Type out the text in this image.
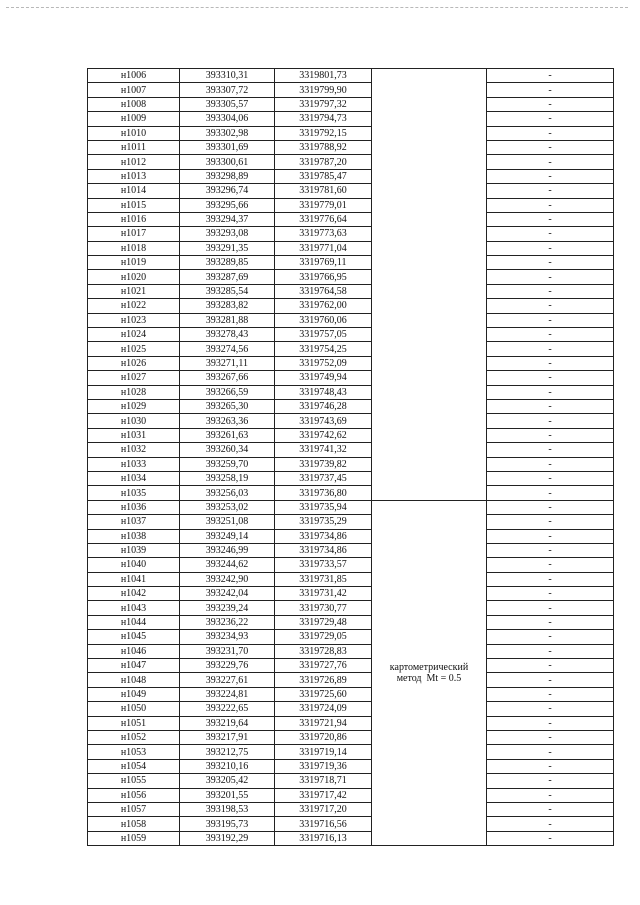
н1006	393310,31	3319801,73		-
н1007	393307,72	3319799,90		-
н1008	393305,57	3319797,32		-
н1009	393304,06	3319794,73		-
н1010	393302,98	3319792,15		-
н1011	393301,69	3319788,92		-
н1012	393300,61	3319787,20		-
н1013	393298,89	3319785,47		-
н1014	393296,74	3319781,60		-
н1015	393295,66	3319779,01		-
н1016	393294,37	3319776,64		-
н1017	393293,08	3319773,63		-
н1018	393291,35	3319771,04		-
н1019	393289,85	3319769,11		-
н1020	393287,69	3319766,95		-
н1021	393285,54	3319764,58		-
н1022	393283,82	3319762,00		-
н1023	393281,88	3319760,06		-
н1024	393278,43	3319757,05		-
н1025	393274,56	3319754,25		-
н1026	393271,11	3319752,09		-
н1027	393267,66	3319749,94		-
н1028	393266,59	3319748,43		-
н1029	393265,30	3319746,28		-
н1030	393263,36	3319743,69		-
н1031	393261,63	3319742,62		-
н1032	393260,34	3319741,32		-
н1033	393259,70	3319739,82		-
н1034	393258,19	3319737,45		-
н1035	393256,03	3319736,80		-
н1036	393253,02	3319735,94	картометрический
метод  Mt = 0.5	-
н1037	393251,08	3319735,29		-
н1038	393249,14	3319734,86		-
н1039	393246,99	3319734,86		-
н1040	393244,62	3319733,57		-
н1041	393242,90	3319731,85		-
н1042	393242,04	3319731,42		-
н1043	393239,24	3319730,77		-
н1044	393236,22	3319729,48		-
н1045	393234,93	3319729,05		-
н1046	393231,70	3319728,83		-
н1047	393229,76	3319727,76		-
н1048	393227,61	3319726,89		-
н1049	393224,81	3319725,60		-
н1050	393222,65	3319724,09		-
н1051	393219,64	3319721,94		-
н1052	393217,91	3319720,86		-
н1053	393212,75	3319719,14		-
н1054	393210,16	3319719,36		-
н1055	393205,42	3319718,71		-
н1056	393201,55	3319717,42		-
н1057	393198,53	3319717,20		-
н1058	393195,73	3319716,56		-
н1059	393192,29	3319716,13		-
